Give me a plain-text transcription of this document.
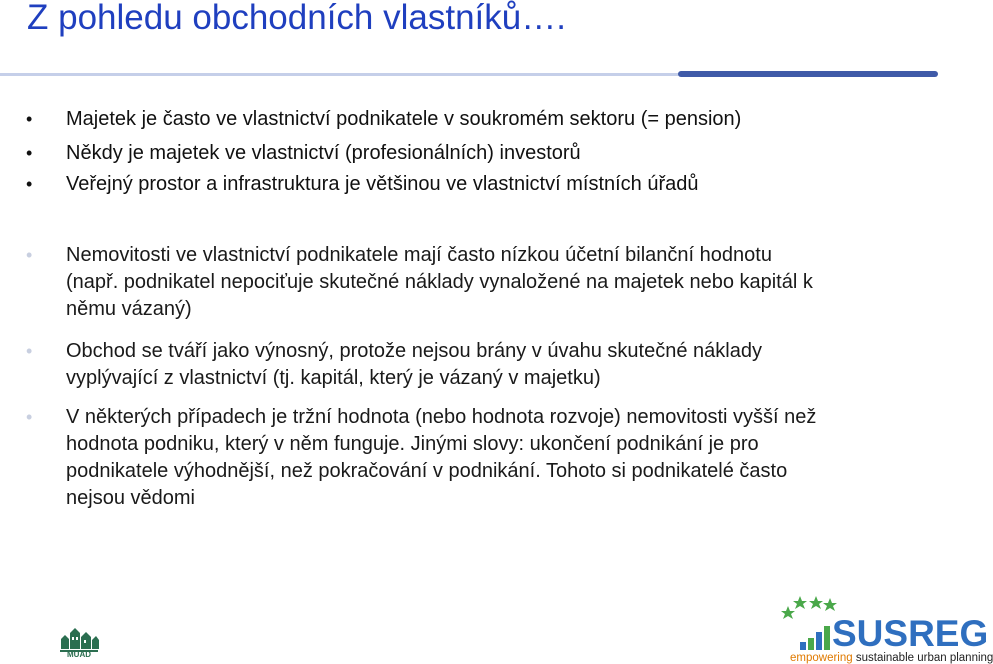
Z pohledu obchodních vlastníků….
• Majetek je často ve vlastnictví podnikatele v soukromém sektoru (= pension)
• Někdy je majetek ve vlastnictví (profesionálních) investorů
• Veřejný prostor a infrastruktura je většinou ve vlastnictví místních úřadů
• Nemovitosti ve vlastnictví podnikatele mají často nízkou účetní bilanční hodnotu
(např. podnikatel nepociťuje skutečné náklady vynaložené na majetek nebo kapitál k
němu vázaný)
• Obchod se tváří jako výnosný, protože nejsou brány v úvahu skutečné náklady
vyplývající z vlastnictví (tj. kapitál, který je vázaný v majetku)
• V některých případech je tržní hodnota (nebo hodnota rozvoje) nemovitosti vyšší než
hodnota podniku, který v něm funguje. Jinými slovy: ukončení podnikání je pro
podnikatele výhodnější, než pokračování v podnikání. Tohoto si podnikatelé často
nejsou vědomi
MUAD
SUSREG
empowering sustainable urban planning
